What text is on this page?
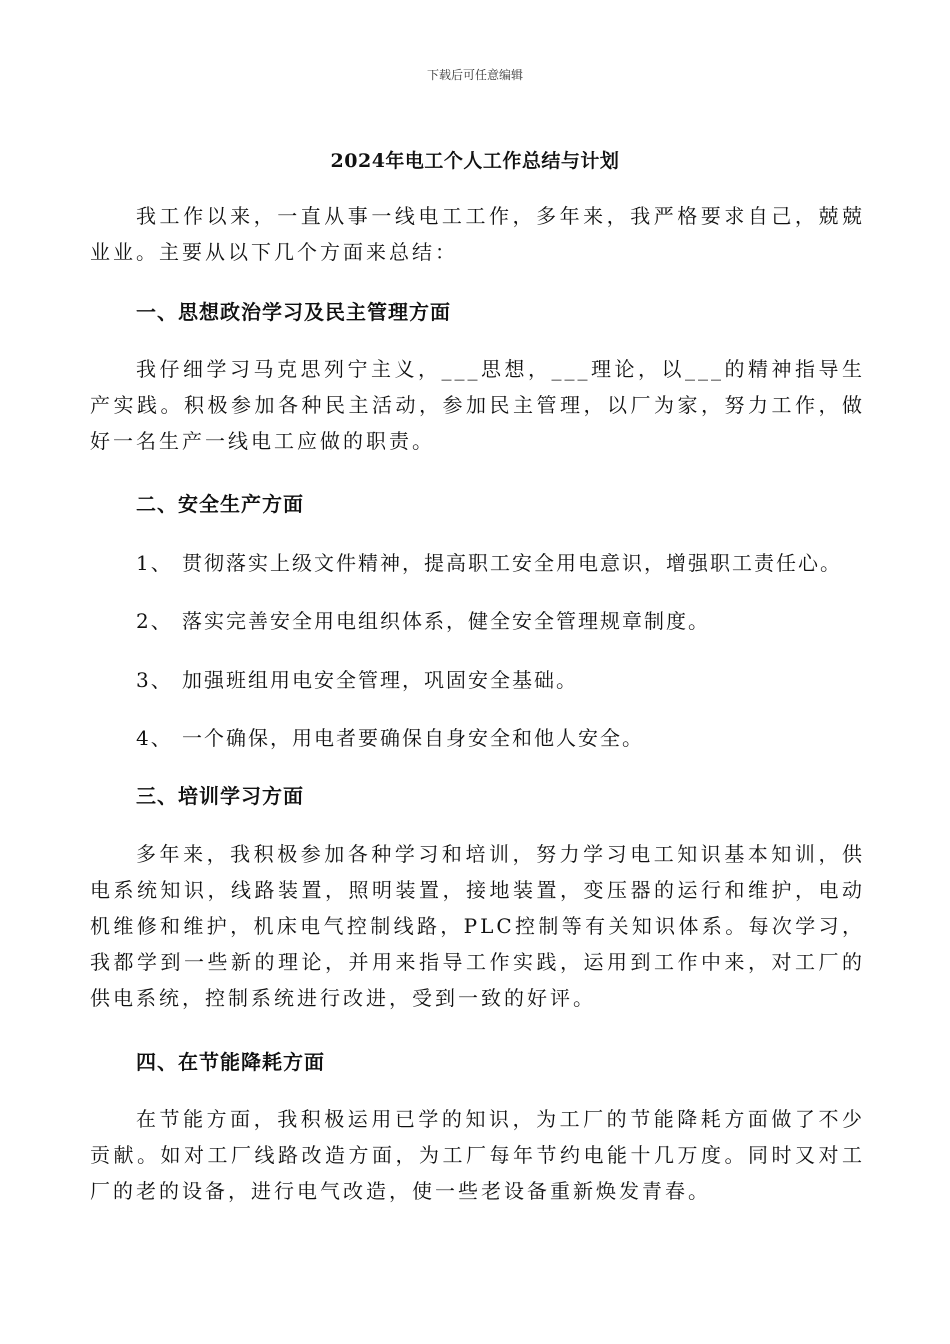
下载后可任意编辑
2024年电工个人工作总结与计划

我工作以来，一直从事一线电工工作，多年来，我严格要求自己，兢兢业业。主要从以下几个方面来总结：

一、思想政治学习及民主管理方面

我仔细学习马克思列宁主义，___思想，___理论，以___的精神指导生产实践。积极参加各种民主活动，参加民主管理，以厂为家，努力工作，做好一名生产一线电工应做的职责。

二、安全生产方面
1、 贯彻落实上级文件精神，提高职工安全用电意识，增强职工责任心。
2、 落实完善安全用电组织体系，健全安全管理规章制度。
3、 加强班组用电安全管理，巩固安全基础。
4、 一个确保，用电者要确保自身安全和他人安全。
三、培训学习方面

多年来，我积极参加各种学习和培训，努力学习电工知识基本知训，供电系统知识，线路装置，照明装置，接地装置，变压器的运行和维护，电动机维修和维护，机床电气控制线路，PLC控制等有关知识体系。每次学习，我都学到一些新的理论，并用来指导工作实践，运用到工作中来，对工厂的供电系统，控制系统进行改进，受到一致的好评。

四、在节能降耗方面

在节能方面，我积极运用已学的知识，为工厂的节能降耗方面做了不少贡献。如对工厂线路改造方面，为工厂每年节约电能十几万度。同时又对工厂的老的设备，进行电气改造，使一些老设备重新焕发青春。
